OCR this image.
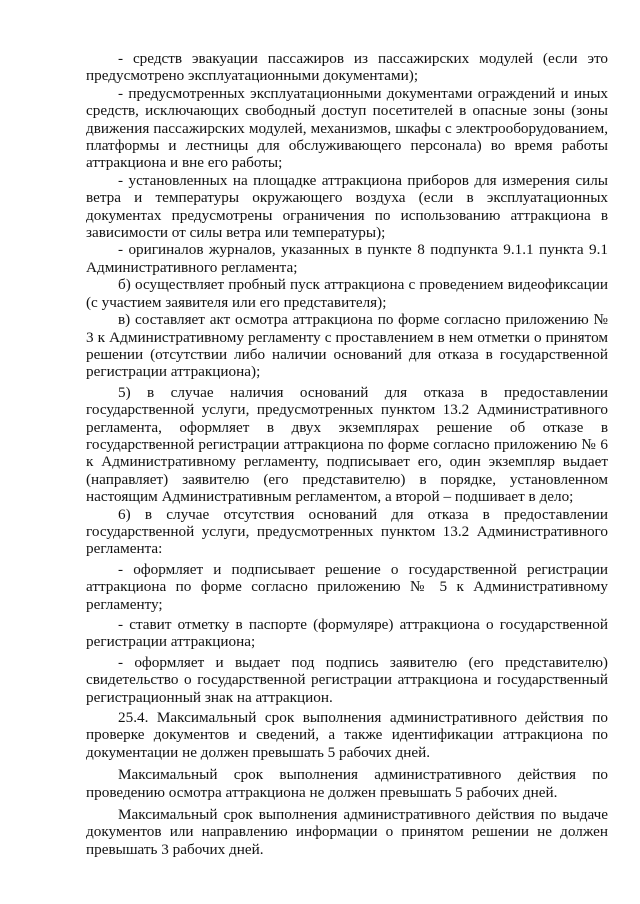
- средств эвакуации пассажиров из пассажирских модулей (если это предусмотрено эксплуатационными документами);

- предусмотренных эксплуатационными документами ограждений и иных средств, исключающих свободный доступ посетителей в опасные зоны (зоны движения пассажирских модулей, механизмов, шкафы с электрооборудованием, платформы и лестницы для обслуживающего персонала) во время работы аттракциона и вне его работы;

- установленных на площадке аттракциона приборов для измерения силы ветра и температуры окружающего воздуха (если в эксплуатационных документах предусмотрены ограничения по использованию аттракциона в зависимости от силы ветра или температуры);

- оригиналов журналов, указанных в пункте 8 подпункта 9.1.1 пункта 9.1 Административного регламента;

б) осуществляет пробный пуск аттракциона с проведением видеофиксации (с участием заявителя или его представителя);

в) составляет акт осмотра аттракциона по форме согласно приложению № 3 к Административному регламенту с проставлением в нем отметки о принятом решении (отсутствии либо наличии оснований для отказа в государственной регистрации аттракциона);

5) в случае наличия оснований для отказа в предоставлении государственной услуги, предусмотренных пунктом 13.2 Административного регламента, оформляет в двух экземплярах решение об отказе в государственной регистрации аттракциона по форме согласно приложению № 6 к Административному регламенту, подписывает его, один экземпляр выдает (направляет) заявителю (его представителю) в порядке, установленном настоящим Административным регламентом, а второй – подшивает в дело;

6) в случае отсутствия оснований для отказа в предоставлении государственной услуги, предусмотренных пунктом 13.2 Административного регламента:

- оформляет и подписывает решение о государственной регистрации аттракциона по форме согласно приложению № 5 к Административному регламенту;

- ставит отметку в паспорте (формуляре) аттракциона о государственной регистрации аттракциона;

- оформляет и выдает под подпись заявителю (его представителю) свидетельство о государственной регистрации аттракциона и государственный регистрационный знак на аттракцион.

25.4. Максимальный срок выполнения административного действия по проверке документов и сведений, а также идентификации аттракциона по документации не должен превышать 5 рабочих дней.

Максимальный срок выполнения административного действия по проведению осмотра аттракциона не должен превышать 5 рабочих дней.

Максимальный срок выполнения административного действия по выдаче документов или направлению информации о принятом решении не должен превышать 3 рабочих дней.
